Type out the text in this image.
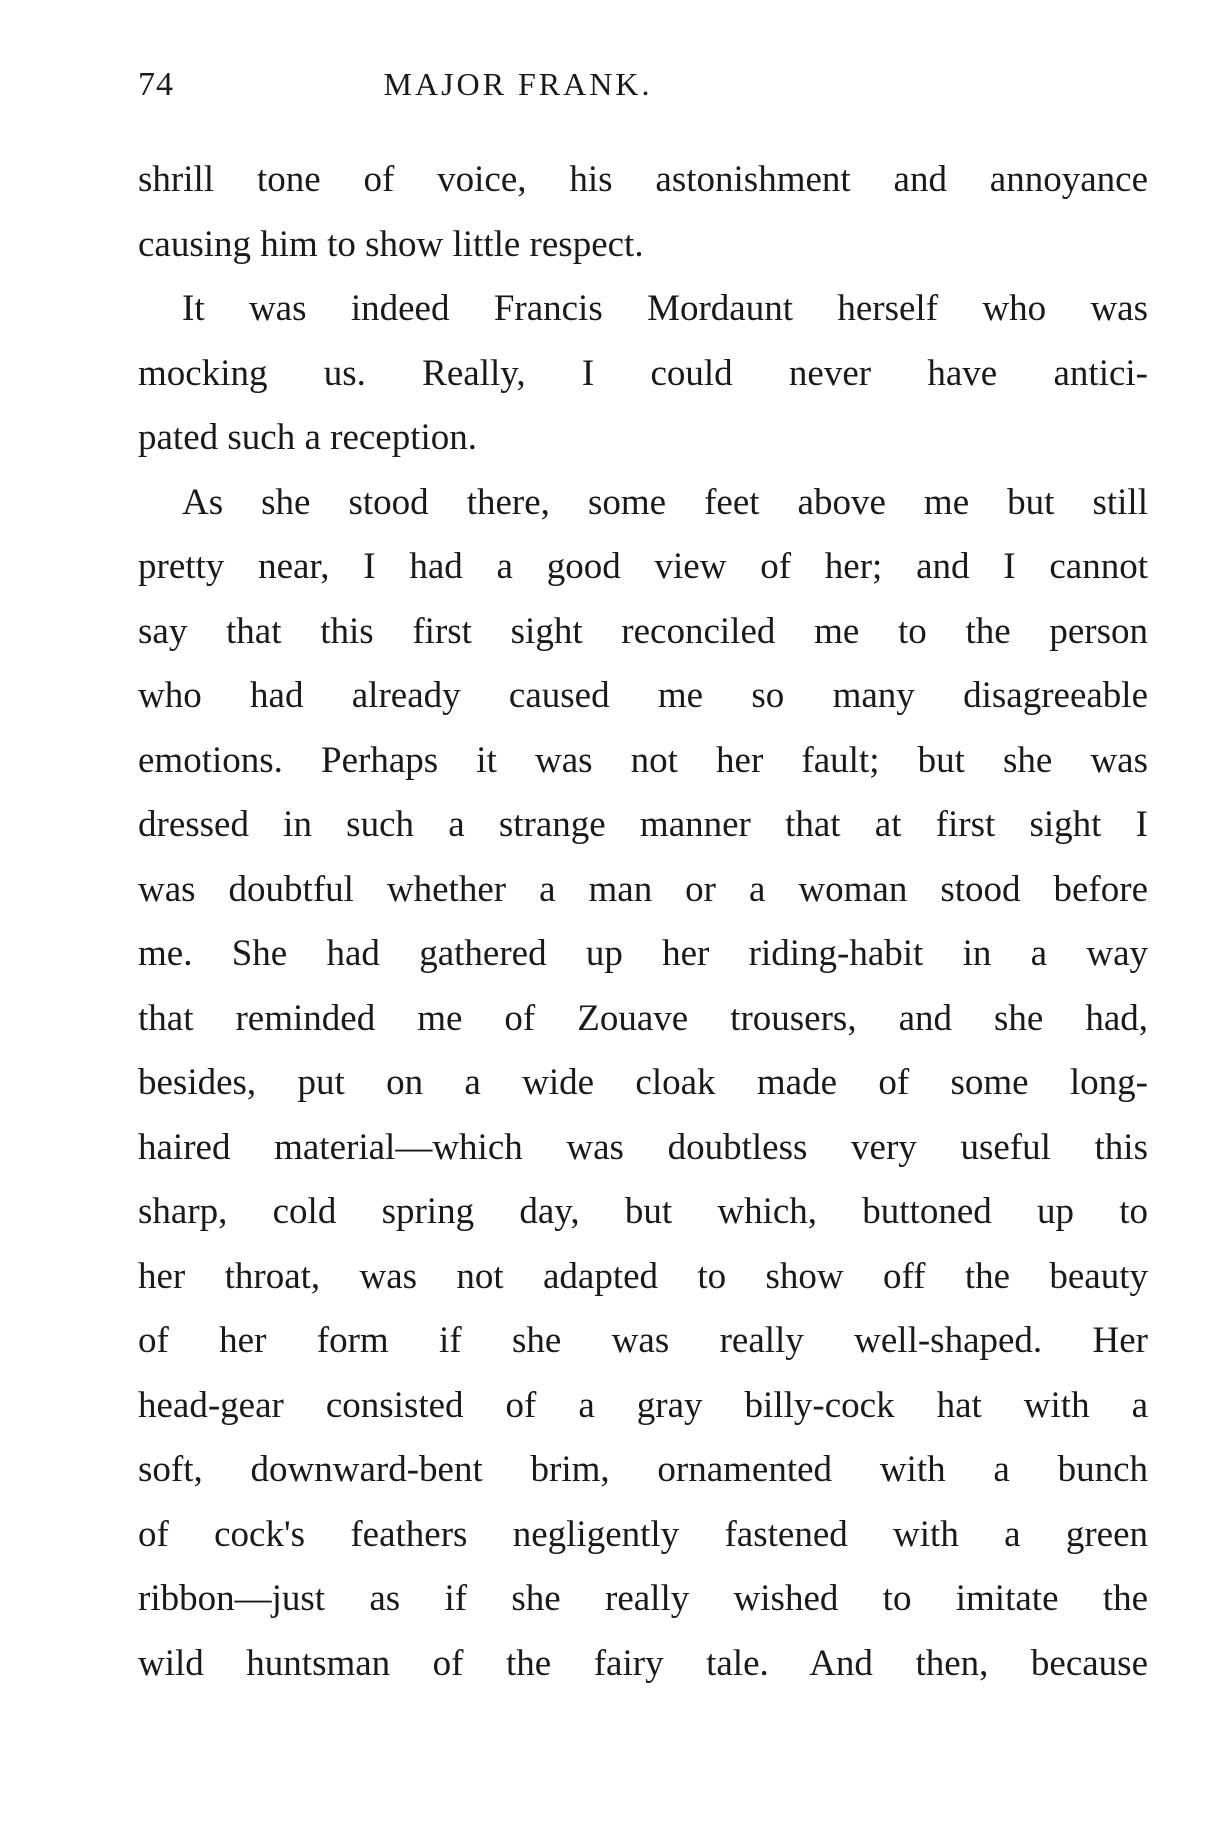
74	MAJOR FRANK.
shrill tone of voice, his astonishment and annoyance
causing him to show little respect.
It was indeed Francis Mordaunt herself who was
mocking us. Really, I could never have antici-
pated such a reception.
As she stood there, some feet above me but still
pretty near, I had a good view of her; and I cannot
say that this first sight reconciled me to the person
who had already caused me so many disagreeable
emotions. Perhaps it was not her fault; but she was
dressed in such a strange manner that at first sight I
was doubtful whether a man or a woman stood before
me. She had gathered up her riding-habit in a way
that reminded me of Zouave trousers, and she had,
besides, put on a wide cloak made of some long-
haired material—which was doubtless very useful this
sharp, cold spring day, but which, buttoned up to
her throat, was not adapted to show off the beauty
of her form if she was really well-shaped. Her
head-gear consisted of a gray billy-cock hat with a
soft, downward-bent brim, ornamented with a bunch
of cock's feathers negligently fastened with a green
ribbon—just as if she really wished to imitate the
wild huntsman of the fairy tale. And then, because
